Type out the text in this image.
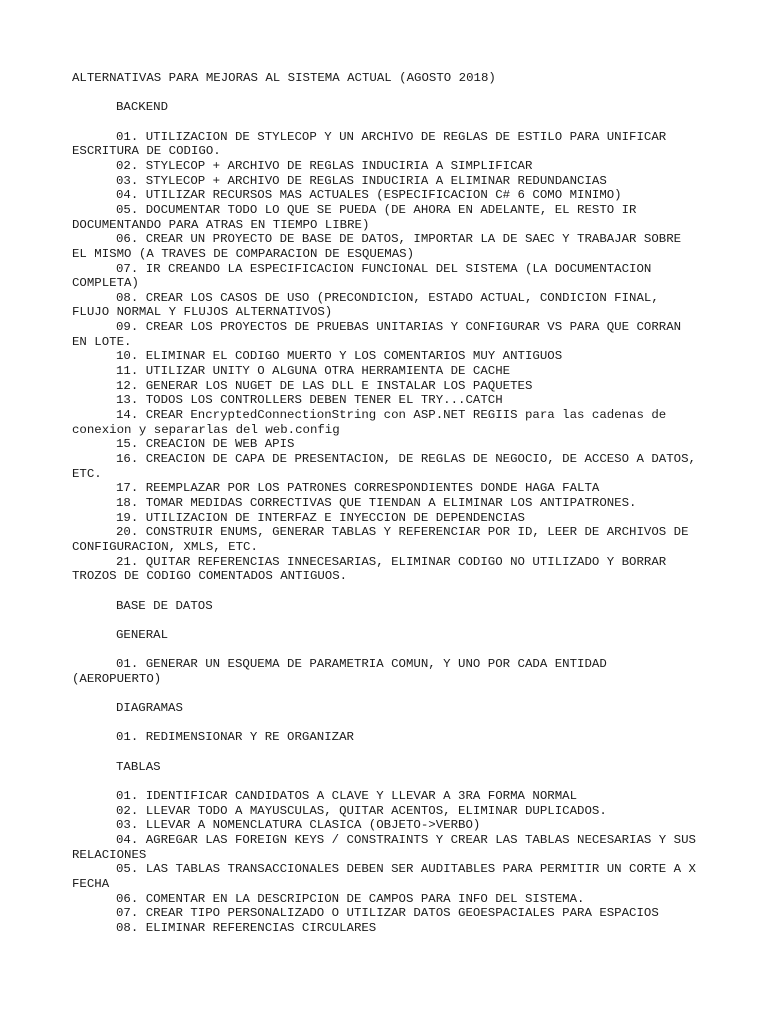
ALTERNATIVAS PARA MEJORAS AL SISTEMA ACTUAL (AGOSTO 2018)

BACKEND

01. UTILIZACION DE STYLECOP Y UN ARCHIVO DE REGLAS DE ESTILO PARA UNIFICAR ESCRITURA DE CODIGO.

02. STYLECOP + ARCHIVO DE REGLAS INDUCIRIA A SIMPLIFICAR

03. STYLECOP + ARCHIVO DE REGLAS INDUCIRIA A ELIMINAR REDUNDANCIAS

04. UTILIZAR RECURSOS MAS ACTUALES (ESPECIFICACION C# 6 COMO MINIMO)

05. DOCUMENTAR TODO LO QUE SE PUEDA (DE AHORA EN ADELANTE, EL RESTO IR DOCUMENTANDO PARA ATRAS EN TIEMPO LIBRE)

06. CREAR UN PROYECTO DE BASE DE DATOS, IMPORTAR LA DE SAEC Y TRABAJAR SOBRE EL MISMO (A TRAVES DE COMPARACION DE ESQUEMAS)

07. IR CREANDO LA ESPECIFICACION FUNCIONAL DEL SISTEMA (LA DOCUMENTACION COMPLETA)

08. CREAR LOS CASOS DE USO (PRECONDICION, ESTADO ACTUAL, CONDICION FINAL, FLUJO NORMAL Y FLUJOS ALTERNATIVOS)

09. CREAR LOS PROYECTOS DE PRUEBAS UNITARIAS Y CONFIGURAR VS PARA QUE CORRAN EN LOTE.

10. ELIMINAR EL CODIGO MUERTO Y LOS COMENTARIOS MUY ANTIGUOS

11. UTILIZAR UNITY O ALGUNA OTRA HERRAMIENTA DE CACHE

12. GENERAR LOS NUGET DE LAS DLL E INSTALAR LOS PAQUETES

13. TODOS LOS CONTROLLERS DEBEN TENER EL TRY...CATCH

14. CREAR EncryptedConnectionString con ASP.NET REGIIS para las cadenas de conexion y separarlas del web.config

15. CREACION DE WEB APIS

16. CREACION DE CAPA DE PRESENTACION, DE REGLAS DE NEGOCIO, DE ACCESO A DATOS, ETC.

17. REEMPLAZAR POR LOS PATRONES CORRESPONDIENTES DONDE HAGA FALTA

18. TOMAR MEDIDAS CORRECTIVAS QUE TIENDAN A ELIMINAR LOS ANTIPATRONES.

19. UTILIZACION DE INTERFAZ E INYECCION DE DEPENDENCIAS

20. CONSTRUIR ENUMS, GENERAR TABLAS Y REFERENCIAR POR ID, LEER DE ARCHIVOS DE CONFIGURACION, XMLS, ETC.

21. QUITAR REFERENCIAS INNECESARIAS, ELIMINAR CODIGO NO UTILIZADO Y BORRAR TROZOS DE CODIGO COMENTADOS ANTIGUOS.

BASE DE DATOS

GENERAL

01. GENERAR UN ESQUEMA DE PARAMETRIA COMUN, Y UNO POR CADA ENTIDAD (AEROPUERTO)

DIAGRAMAS

01. REDIMENSIONAR Y RE ORGANIZAR

TABLAS

01. IDENTIFICAR CANDIDATOS A CLAVE Y LLEVAR A 3RA FORMA NORMAL

02. LLEVAR TODO A MAYUSCULAS, QUITAR ACENTOS, ELIMINAR DUPLICADOS.

03. LLEVAR A NOMENCLATURA CLASICA (OBJETO->VERBO)

04. AGREGAR LAS FOREIGN KEYS / CONSTRAINTS Y CREAR LAS TABLAS NECESARIAS Y SUS RELACIONES

05. LAS TABLAS TRANSACCIONALES DEBEN SER AUDITABLES PARA PERMITIR UN CORTE A X FECHA

06. COMENTAR EN LA DESCRIPCION DE CAMPOS PARA INFO DEL SISTEMA.

07. CREAR TIPO PERSONALIZADO O UTILIZAR DATOS GEOESPACIALES PARA ESPACIOS

08. ELIMINAR REFERENCIAS CIRCULARES
